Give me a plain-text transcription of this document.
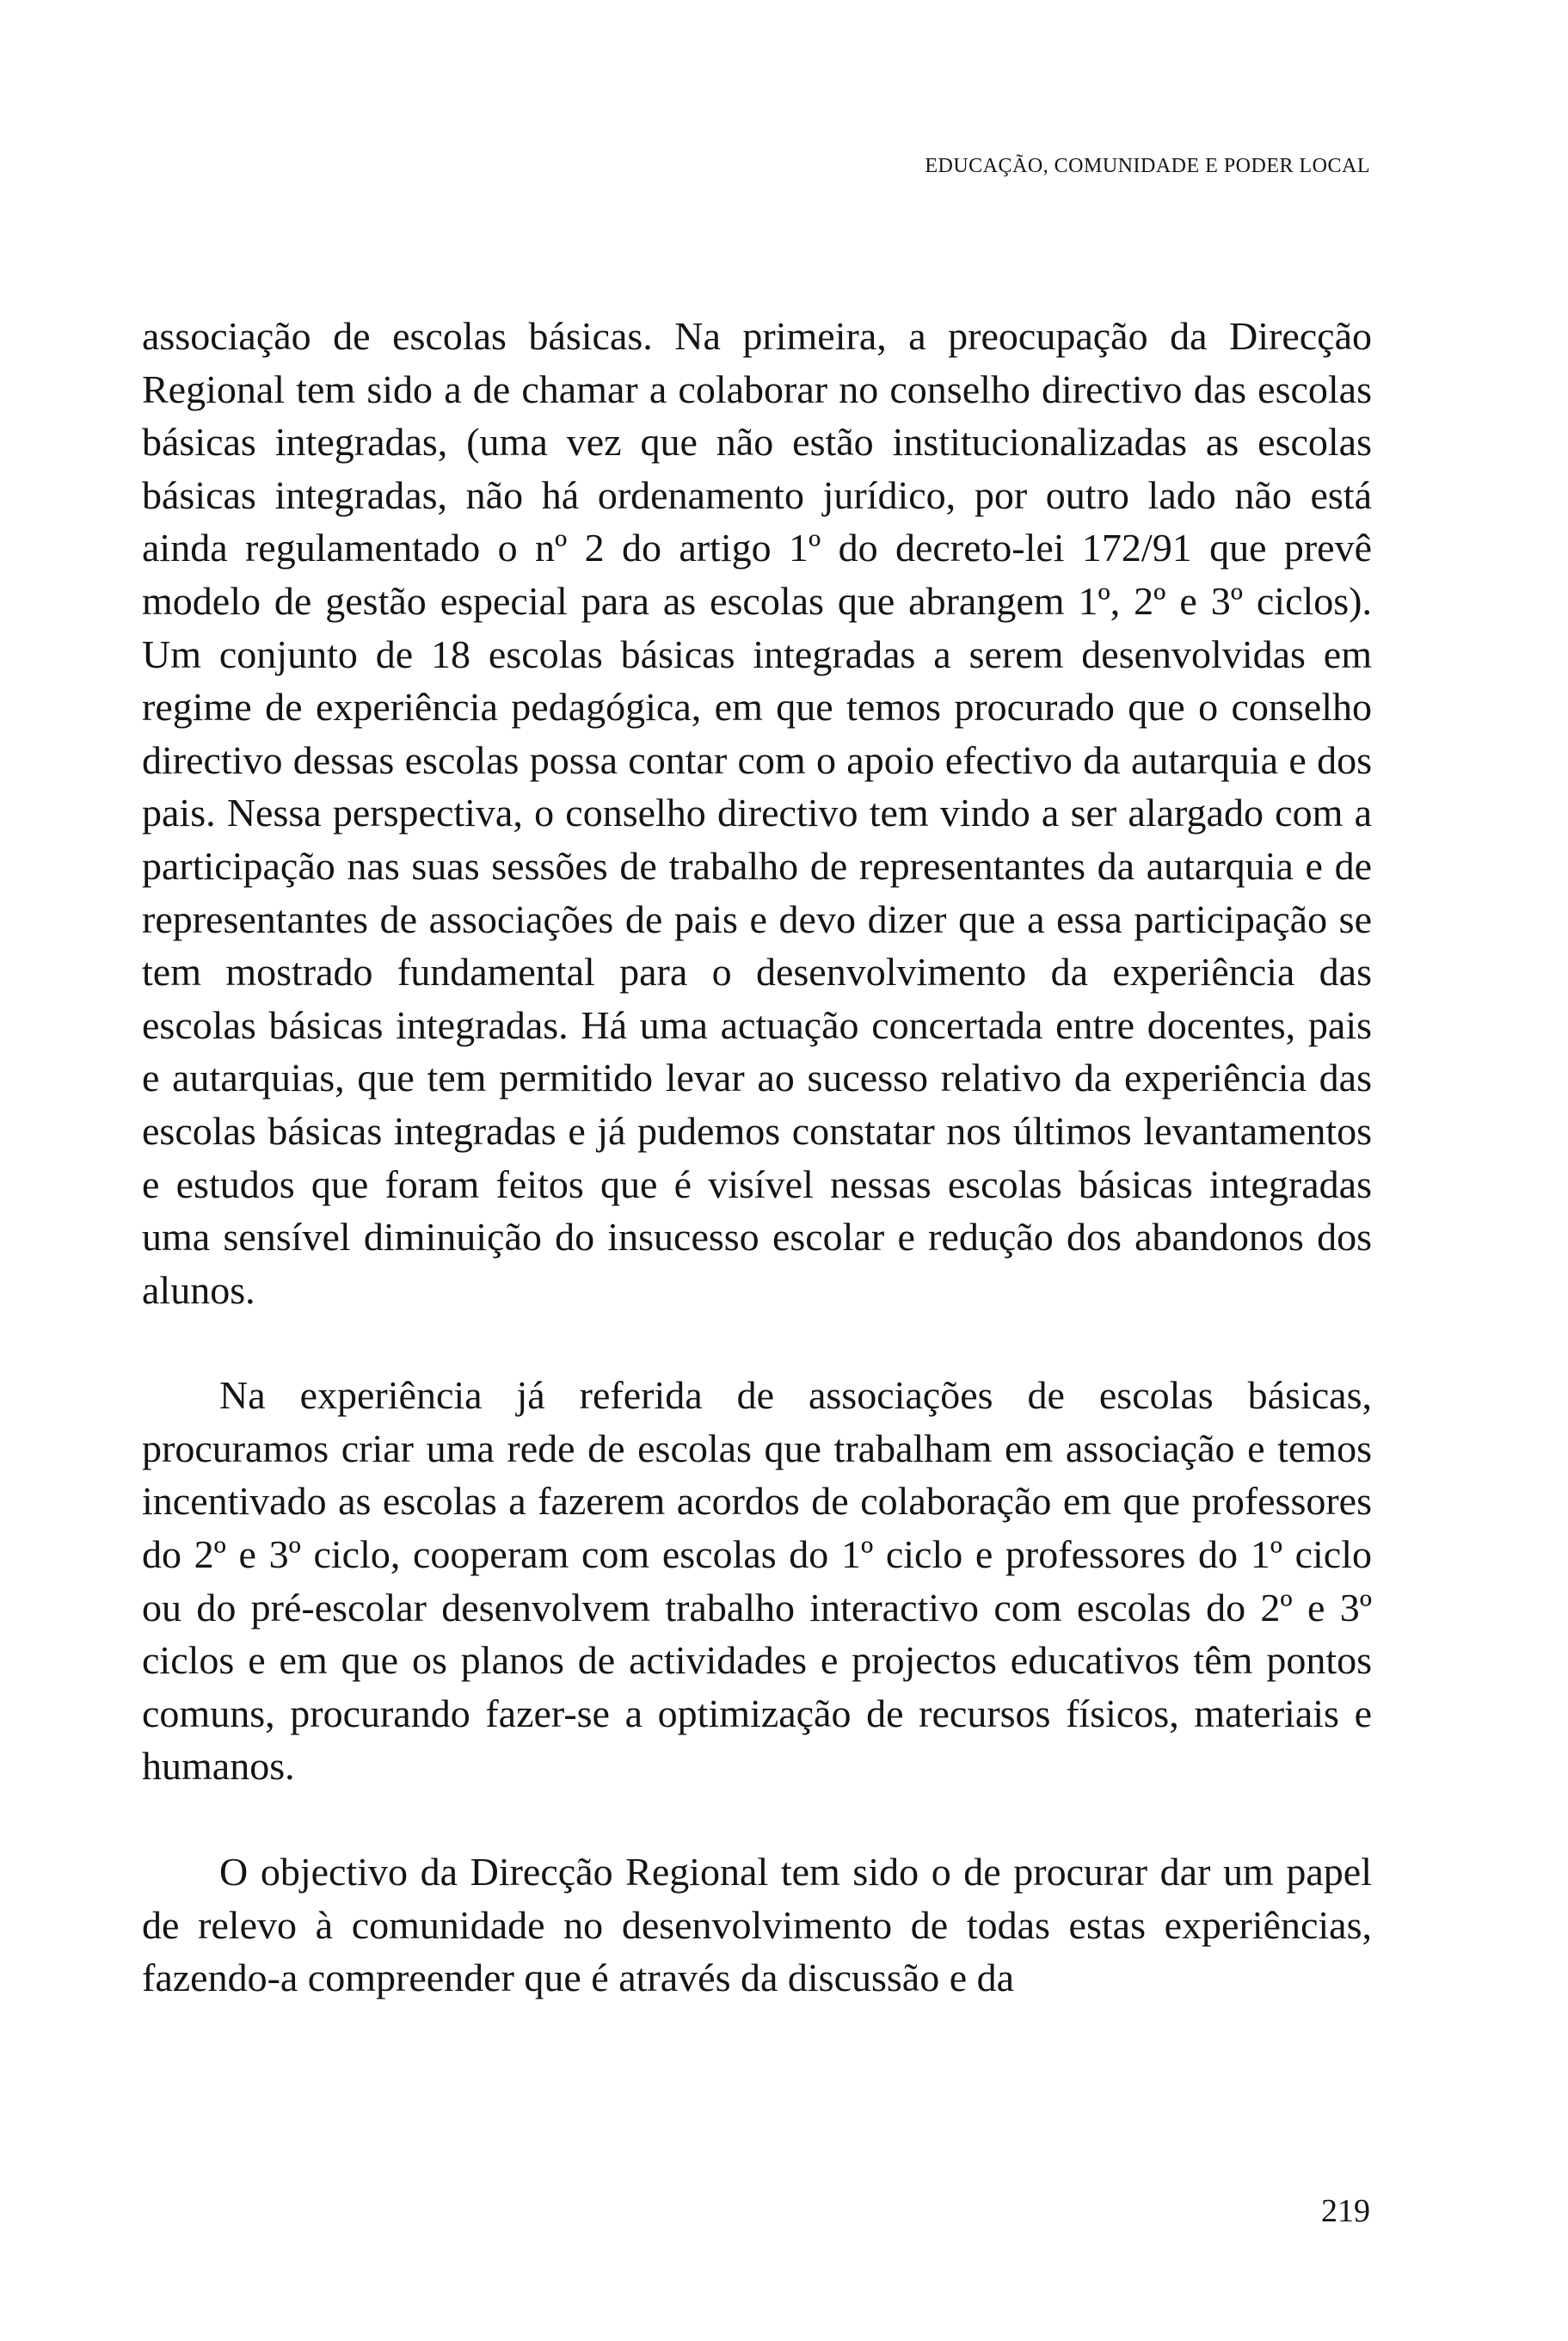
EDUCAÇÃO, COMUNIDADE E PODER LOCAL

associação de escolas básicas. Na primeira, a preocupação da Direcção Regional tem sido a de chamar a colaborar no conselho directivo das escolas básicas integradas, (uma vez que não estão institucionalizadas as escolas básicas integradas, não há ordenamento jurídico, por outro lado não está ainda regulamentado o nº 2 do artigo 1º do decreto-lei 172/91 que prevê modelo de gestão especial para as escolas que abrangem 1º, 2º e 3º ciclos). Um conjunto de 18 escolas básicas integradas a serem desenvolvidas em regime de experiência pedagógica, em que temos procurado que o conselho directivo dessas escolas possa contar com o apoio efectivo da autarquia e dos pais. Nessa perspectiva, o conselho directivo tem vindo a ser alargado com a participação nas suas sessões de trabalho de representantes da autarquia e de representantes de associações de pais e devo dizer que a essa participação se tem mostrado fundamental para o desenvolvimento da experiência das escolas básicas integradas. Há uma actuação concertada entre docentes, pais e autarquias, que tem permitido levar ao sucesso relativo da experiência das escolas básicas integradas e já pudemos constatar nos últimos levantamentos e estudos que foram feitos que é visível nessas escolas básicas integradas uma sensível diminuição do insucesso escolar e redução dos abandonos dos alunos.

Na experiência já referida de associações de escolas básicas, procuramos criar uma rede de escolas que trabalham em associação e temos incentivado as escolas a fazerem acordos de colaboração em que professores do 2º e 3º ciclo, cooperam com escolas do 1º ciclo e professores do 1º ciclo ou do pré-escolar desenvolvem trabalho interactivo com escolas do 2º e 3º ciclos e em que os planos de actividades e projectos educativos têm pontos comuns, procurando fazer-se a optimização de recursos físicos, materiais e humanos.

O objectivo da Direcção Regional tem sido o de procurar dar um papel de relevo à comunidade no desenvolvimento de todas estas experiências, fazendo-a compreender que é através da discussão e da

219
